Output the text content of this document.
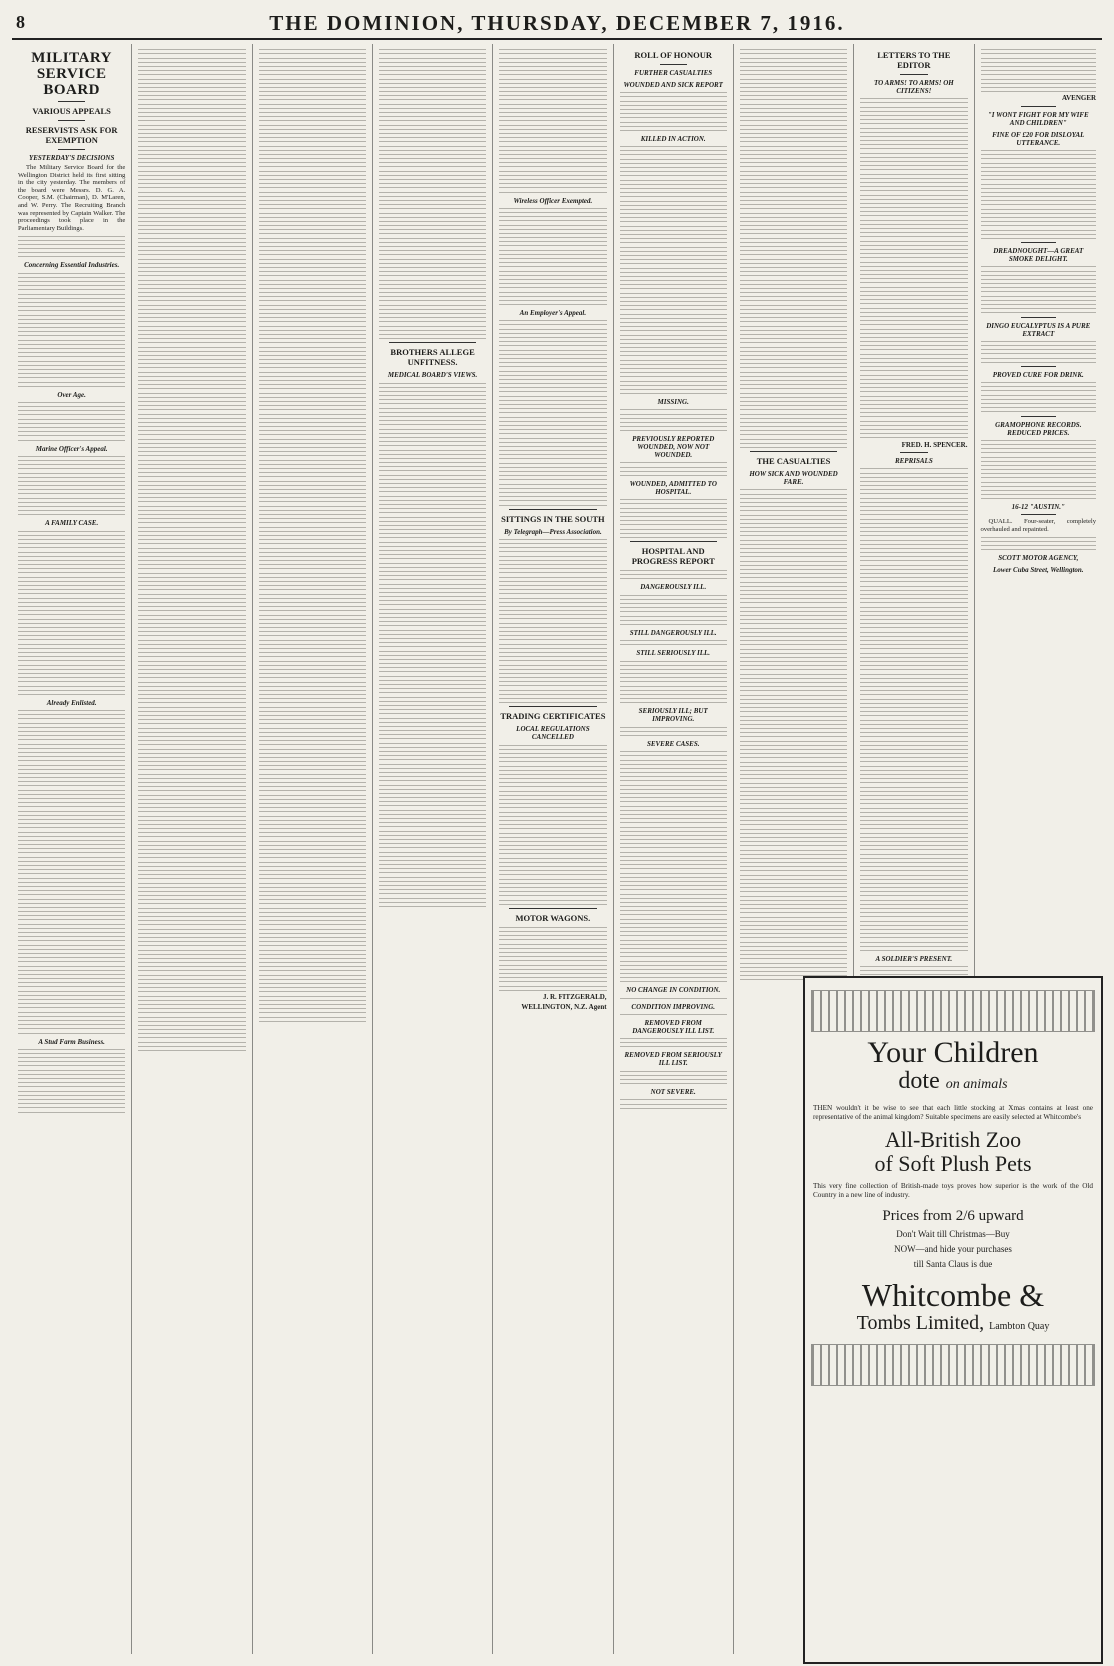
8	THE DOMINION, THURSDAY, DECEMBER 7, 1916.
MILITARY SERVICE BOARD
VARIOUS APPEALS
RESERVISTS ASK FOR EXEMPTION
YESTERDAY'S DECISIONS

The Military Service Board for the Wellington District held its first sitting in the city yesterday. The members of the board were Messrs. D. G. A. Cooper, S.M. (Chairman), D. M'Laren, and W. Perry. The Recruiting Branch was represented by Captain Walker. The proceedings took place in the Parliamentary Buildings.

Concerning Essential Industries.
Over Age.
Marine Officer's Appeal.
A FAMILY CASE.
Already Enlisted.
A Stud Farm Business.
BROTHERS ALLEGE UNFITNESS.
MEDICAL BOARD'S VIEWS.
Wireless Officer Exempted.
An Employer's Appeal.
SITTINGS IN THE SOUTH
By Telegraph—Press Association.
TRADING CERTIFICATES
LOCAL REGULATIONS CANCELLED
MOTOR WAGONS.
J. R. FITZGERALD,
WELLINGTON, N.Z. Agent
ROLL OF HONOUR
FURTHER CASUALTIES
WOUNDED AND SICK REPORT
KILLED IN ACTION.
MISSING.
PREVIOUSLY REPORTED WOUNDED, NOW NOT WOUNDED.
WOUNDED, ADMITTED TO HOSPITAL.
HOSPITAL AND PROGRESS REPORT
DANGEROUSLY ILL.
STILL DANGEROUSLY ILL.
STILL SERIOUSLY ILL.
SERIOUSLY ILL; BUT IMPROVING.
SEVERE CASES.
NO CHANGE IN CONDITION.
CONDITION IMPROVING.
REMOVED FROM DANGEROUSLY ILL LIST.
REMOVED FROM SERIOUSLY ILL LIST.
NOT SEVERE.
THE CASUALTIES
HOW SICK AND WOUNDED FARE.
LETTERS TO THE EDITOR
TO ARMS! TO ARMS! OH CITIZENS!
FRED. H. SPENCER.
REPRISALS
A SOLDIER'S PRESENT.
AVENGER
"I WONT FIGHT FOR MY WIFE AND CHILDREN"
FINE OF £20 FOR DISLOYAL UTTERANCE.
DREADNOUGHT—A GREAT SMOKE DELIGHT.
DINGO EUCALYPTUS IS A PURE EXTRACT
PROVED CURE FOR DRINK.
GRAMOPHONE RECORDS. REDUCED PRICES.
16-12 "AUSTIN."

QUALL. Four-seater, completely overhauled and repainted.

SCOTT MOTOR AGENCY,
Lower Cuba Street, Wellington.
Your Children
dote on animals
THEN wouldn't it be wise to see that each little stocking at Xmas contains at least one representative of the animal kingdom? Suitable specimens are easily selected at Whitcombe's
All-British Zoo
of Soft Plush Pets
This very fine collection of British-made toys proves how superior is the work of the Old Country in a new line of industry.
Prices from 2/6 upward
Don't Wait till Christmas—Buy
NOW—and hide your purchases
till Santa Claus is due
Whitcombe &
Tombs Limited, Lambton Quay
